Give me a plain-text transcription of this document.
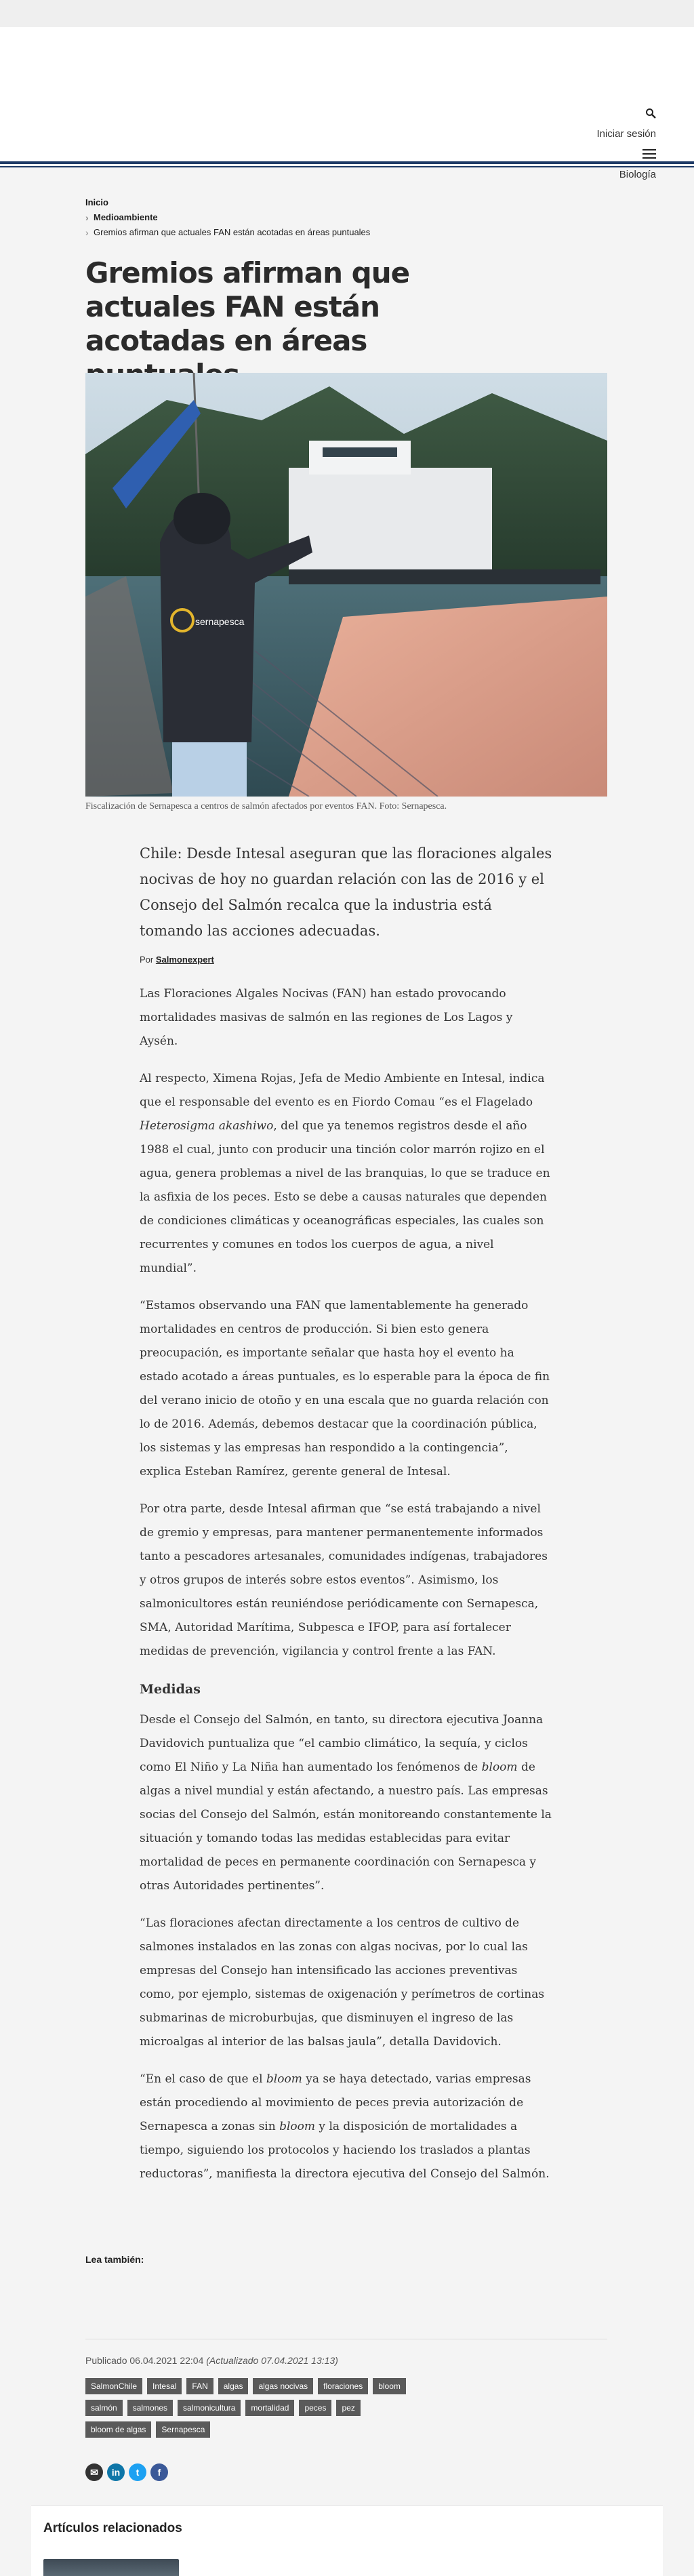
Iniciar sesión
Biología
Inicio
› Medioambiente
› Gremios afirman que actuales FAN están acotadas en áreas puntuales
Gremios afirman que actuales FAN están acotadas en áreas
sernapesca
Fiscalización de Sernapesca a centros de salmón afectados por eventos FAN. Foto: Sernapesca.

Chile: Desde Intesal aseguran que las floraciones algales nocivas de hoy no guardan relación con las de 2016 y el Consejo del Salmón recalca que la industria está tomando las acciones adecuadas.

Por Salmonexpert

Las Floraciones Algales Nocivas (FAN) han estado provocando mortalidades masivas de salmón en las regiones de Los Lagos y Aysén.

Al respecto, Ximena Rojas, Jefa de Medio Ambiente en Intesal, indica que el responsable del evento es en Fiordo Comau “es el Flagelado Heterosigma akashiwo, del que ya tenemos registros desde el año 1988 el cual, junto con producir una tinción color marrón rojizo en el agua, genera problemas a nivel de las branquias, lo que se traduce en la asfixia de los peces. Esto se debe a causas naturales que dependen de condiciones climáticas y oceanográficas especiales, las cuales son recurrentes y comunes en todos los cuerpos de agua, a nivel mundial”.

“Estamos observando una FAN que lamentablemente ha generado mortalidades en centros de producción. Si bien esto genera preocupación, es importante señalar que hasta hoy el evento ha estado acotado a áreas puntuales, es lo esperable para la época de fin del verano inicio de otoño y en una escala que no guarda relación con lo de 2016. Además, debemos destacar que la coordinación pública, los sistemas y las empresas han respondido a la contingencia”, explica Esteban Ramírez, gerente general de Intesal.

Por otra parte, desde Intesal afirman que “se está trabajando a nivel de gremio y empresas, para mantener permanentemente informados tanto a pescadores artesanales, comunidades indígenas, trabajadores y otros grupos de interés sobre estos eventos”. Asimismo, los salmonicultores están reuniéndose periódicamente con Sernapesca, SMA, Autoridad Marítima, Subpesca e IFOP, para así fortalecer medidas de prevención, vigilancia y control frente a las FAN.

Medidas

Desde el Consejo del Salmón, en tanto, su directora ejecutiva Joanna Davidovich puntualiza que “el cambio climático, la sequía, y ciclos como El Niño y La Niña han aumentado los fenómenos de bloom de algas a nivel mundial y están afectando, a nuestro país. Las empresas socias del Consejo del Salmón, están monitoreando constantemente la situación y tomando todas las medidas establecidas para evitar mortalidad de peces en permanente coordinación con Sernapesca y otras Autoridades pertinentes”.

“Las floraciones afectan directamente a los centros de cultivo de salmones instalados en las zonas con algas nocivas, por lo cual las empresas del Consejo han intensificado las acciones preventivas como, por ejemplo, sistemas de oxigenación y perímetros de cortinas submarinas de microburbujas, que disminuyen el ingreso de las microalgas al interior de las balsas jaula”, detalla Davidovich.

“En el caso de que el bloom ya se haya detectado, varias empresas están procediendo al movimiento de peces previa autorización de Sernapesca a zonas sin bloom y la disposición de mortalidades a tiempo, siguiendo los protocolos y haciendo los traslados a plantas reductoras”, manifiesta la directora ejecutiva del Consejo del Salmón.

Lea también:
Publicado 06.04.2021 22:04 (Actualizado 07.04.2021 13:13)
SalmonChile	Intesal	FAN	algas	algas nocivas	floraciones	bloom
salmón	salmones	salmonicultura	mortalidad	peces	pez
bloom de algas	Sernapesca
✉	in	t	f
Artículos relacionados
